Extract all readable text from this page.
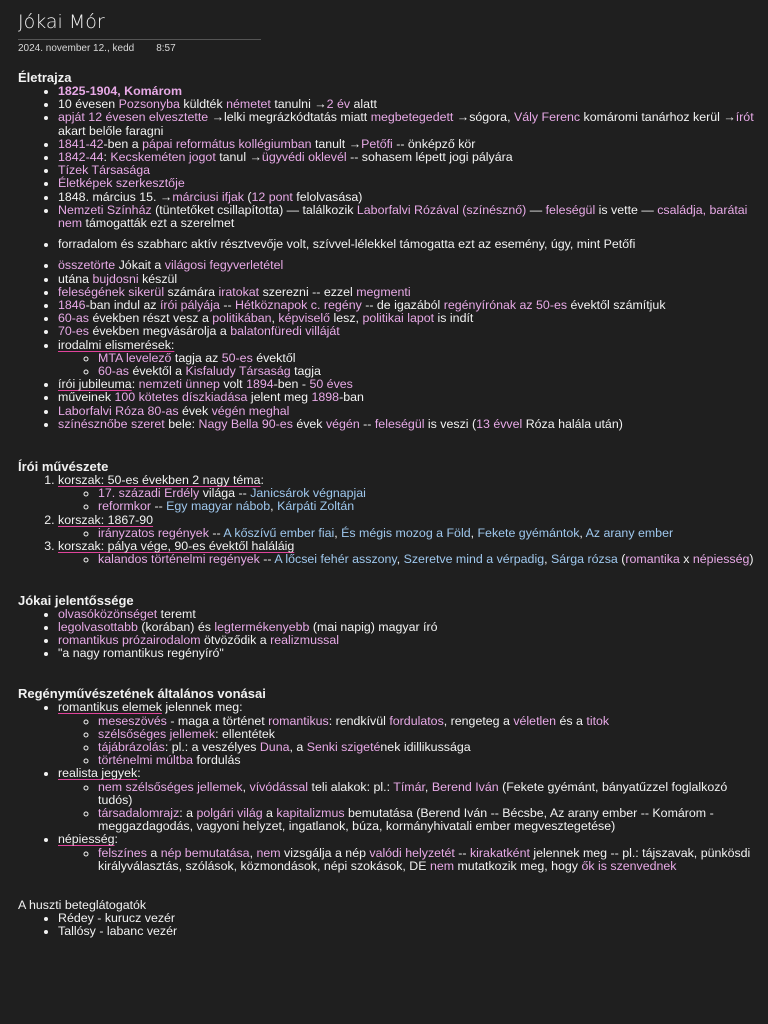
Jókai Mór
2024. november 12., kedd 8:57
Életrajza
• 1825-1904, Komárom
• 10 évesen Pozsonyba küldték németet tanulni →2 év alatt
• apját 12 évesen elvesztette →lelki megrázkódtatás miatt megbetegedett →sógora, Vály Ferenc komáromi tanárhoz kerül →írót akart belőle faragni
• 1841-42-ben a pápai református kollégiumban tanult →Petőfi -- önképző kör
• 1842-44: Kecskeméten jogot tanul →ügyvédi oklevél -- sohasem lépett jogi pályára
• Tízek Társasága
• Életképek szerkesztője
• 1848. március 15. →márciusi ifjak (12 pont felolvasása)
• Nemzeti Színház (tüntetőket csillapította) — találkozik Laborfalvi Rózával (színésznő) — feleségül is vette — családja, barátai nem támogatták ezt a szerelmet
• forradalom és szabharc aktív résztvevője volt, szívvel-lélekkel támogatta ezt az esemény, úgy, mint Petőfi
• összetörte Jókait a világosi fegyverletétel
• utána bujdosni készül
• feleségének sikerül számára iratokat szerezni -- ezzel megmenti
• 1846-ban indul az írói pályája -- Hétköznapok c. regény -- de igazából regényírónak az 50-es évektől számítjuk
• 60-as években részt vesz a politikában, képviselő lesz, politikai lapot is indít
• 70-es években megvásárolja a balatonfüredi villáját
• irodalmi elismerések:
◦ MTA levelező tagja az 50-es évektől
◦ 60-as évektől a Kisfaludy Társaság tagja
• írói jubileuma: nemzeti ünnep volt 1894-ben - 50 éves
• műveinek 100 kötetes díszkiadása jelent meg 1898-ban
• Laborfalvi Róza 80-as évek végén meghal
• színésznőbe szeret bele: Nagy Bella 90-es évek végén -- feleségül is veszi (13 évvel Róza halála után)
Írói művészete
1. korszak: 50-es években 2 nagy téma:
◦ 17. századi Erdély világa -- Janicsárok végnapjai
◦ reformkor -- Egy magyar nábob, Kárpáti Zoltán
2. korszak: 1867-90
◦ irányzatos regények -- A kőszívű ember fiai, És mégis mozog a Föld, Fekete gyémántok, Az arany ember
3. korszak: pálya vége, 90-es évektől haláláig
◦ kalandos történelmi regények -- A lőcsei fehér asszony, Szeretve mind a vérpadig, Sárga rózsa (romantika x népiesség)
Jókai jelentőssége
• olvasóközönséget teremt
• legolvasottabb (korában) és legtermékenyebb (mai napig) magyar író
• romantikus prózairodalom ötvöződik a realizmussal
• "a nagy romantikus regényíró"
Regényművészetének általános vonásai
• romantikus elemek jelennek meg:
◦ meseszövés - maga a történet romantikus: rendkívül fordulatos, rengeteg a véletlen és a titok
◦ szélsőséges jellemek: ellentétek
◦ tájábrázolás: pl.: a veszélyes Duna, a Senki szigetének idillikussága
◦ történelmi múltba fordulás
• realista jegyek:
◦ nem szélsőséges jellemek, vívódással teli alakok: pl.: Tímár, Berend Iván (Fekete gyémánt, bányatűzzel foglalkozó tudós)
◦ társadalomrajz: a polgári világ a kapitalizmus bemutatása (Berend Iván -- Bécsbe, Az arany ember -- Komárom - meggazdagodás, vagyoni helyzet, ingatlanok, búza, kormányhivatali ember megvesztegetése)
• népiesség:
◦ felszínes a nép bemutatása, nem vizsgálja a nép valódi helyzetét -- kirakatként jelennek meg -- pl.: tájszavak, pünkösdi királyválasztás, szólások, közmondások, népi szokások, DE nem mutatkozik meg, hogy ők is szenvednek
A huszti beteglátogatók
• Rédey - kurucz vezér
• Tallósy - labanc vezér
